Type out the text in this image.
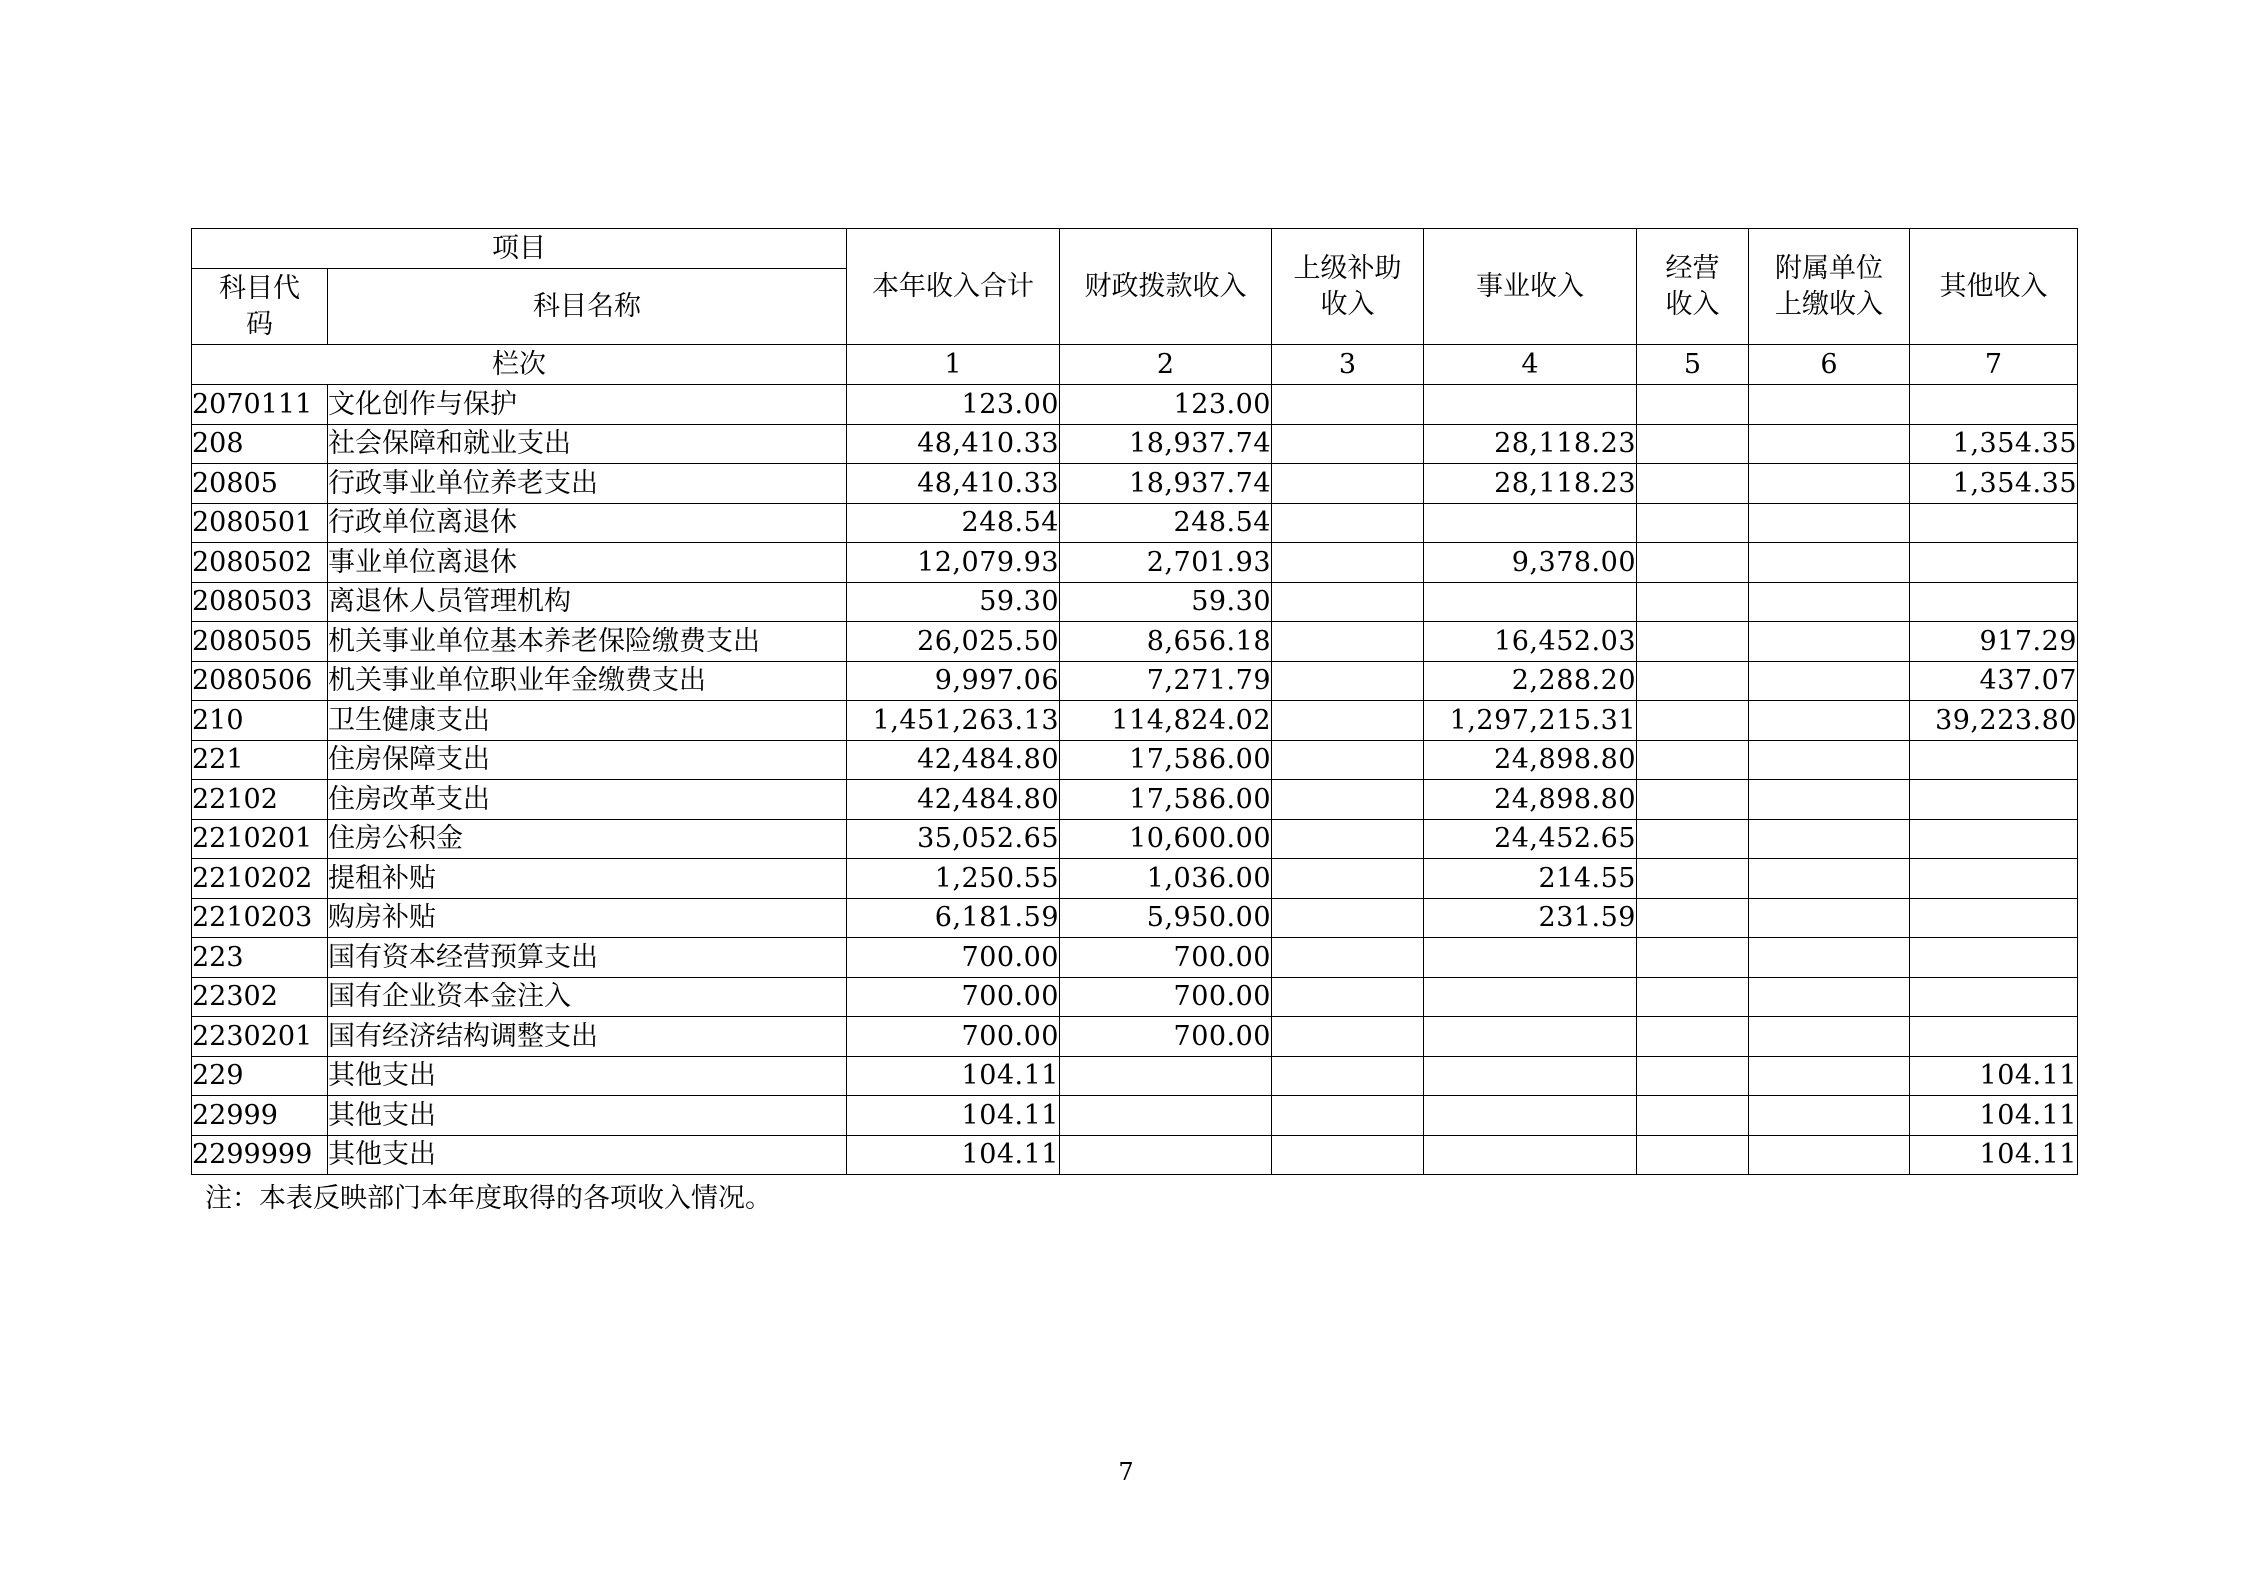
项目		本年收入合计	财政拨款收入	上级补助收入	事业收入	经营收入	附属单位上缴收入	其他收入
科目代码	科目名称							
栏次		1	2	3	4	5	6	7
2070111	文化创作与保护	123.00	123.00					
208	社会保障和就业支出	48,410.33	18,937.74		28,118.23			1,354.35
20805	行政事业单位养老支出	48,410.33	18,937.74		28,118.23			1,354.35
2080501	行政单位离退休	248.54	248.54					
2080502	事业单位离退休	12,079.93	2,701.93		9,378.00			
2080503	离退休人员管理机构	59.30	59.30					
2080505	机关事业单位基本养老保险缴费支出	26,025.50	8,656.18		16,452.03			917.29
2080506	机关事业单位职业年金缴费支出	9,997.06	7,271.79		2,288.20			437.07
210	卫生健康支出	1,451,263.13	114,824.02		1,297,215.31			39,223.80
221	住房保障支出	42,484.80	17,586.00		24,898.80			
22102	住房改革支出	42,484.80	17,586.00		24,898.80			
2210201	住房公积金	35,052.65	10,600.00		24,452.65			
2210202	提租补贴	1,250.55	1,036.00		214.55			
2210203	购房补贴	6,181.59	5,950.00		231.59			
223	国有资本经营预算支出	700.00	700.00					
22302	国有企业资本金注入	700.00	700.00					
2230201	国有经济结构调整支出	700.00	700.00					
229	其他支出	104.11						104.11
22999	其他支出	104.11						104.11
2299999	其他支出	104.11						104.11
注：本表反映部门本年度取得的各项收入情况。
7
